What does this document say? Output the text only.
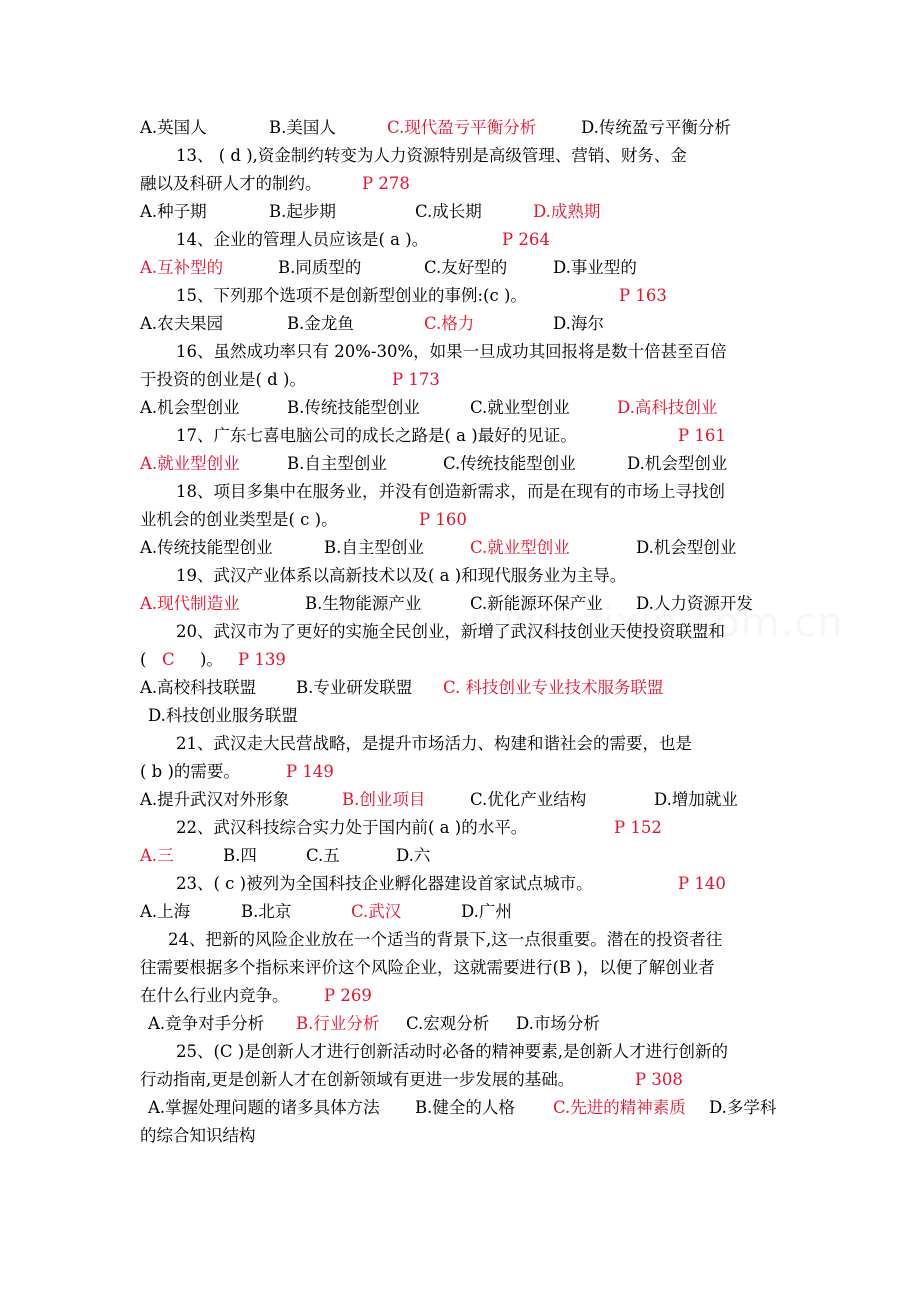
A.英国人	B.美国人	C.现代盈亏平衡分析	D.传统盈亏平衡分析
13、 ( d ),资金制约转变为人力资源特别是高级管理、营销、财务、金
融以及科研人才的制约。 P 278
A.种子期	B.起步期	C.成长期	D.成熟期
14、企业的管理人员应该是( a )。	P 264
A.互补型的	B.同质型的	C.友好型的	D.事业型的
15、下列那个选项不是创新型创业的事例:(c )。	P 163
A.农夫果园	B.金龙鱼	C.格力	D.海尔
16、虽然成功率只有 20%-30%，如果一旦成功其回报将是数十倍甚至百倍
于投资的创业是( d )。	P 173
A.机会型创业	B.传统技能型创业	C.就业型创业	D.高科技创业
17、广东七喜电脑公司的成长之路是( a )最好的见证。	P 161
A.就业型创业	B.自主型创业	C.传统技能型创业	D.机会型创业
18、项目多集中在服务业，并没有创造新需求，而是在现有的市场上寻找创
业机会的创业类型是( c )。	P 160
A.传统技能型创业	B.自主型创业	C.就业型创业	D.机会型创业
19、武汉产业体系以高新技术以及( a )和现代服务业为主导。
A.现代制造业	B.生物能源产业	C.新能源环保产业 D.人力资源开发
20、武汉市为了更好的实施全民创业，新增了武汉科技创业天使投资联盟和
( C )。 P 139
A.高校科技联盟 B.专业研发联盟 C. 科技创业专业技术服务联盟
D.科技创业服务联盟
21、武汉走大民营战略，是提升市场活力、构建和谐社会的需要，也是
( b )的需要。	P 149
A.提升武汉对外形象	B.创业项目	C.优化产业结构	D.增加就业
22、武汉科技综合实力处于国内前( a )的水平。	P 152
A.三	B.四	C.五	D.六
23、( c )被列为全国科技企业孵化器建设首家试点城市。	P 140
A.上海	B.北京	C.武汉	D.广州
24、把新的风险企业放在一个适当的背景下,这一点很重要。潜在的投资者往
往需要根据多个指标来评价这个风险企业，这就需要进行(B )，以便了解创业者
在什么行业内竞争。 P 269
A.竞争对手分析 B.行业分析 C.宏观分析 D.市场分析
25、(C )是创新人才进行创新活动时必备的精神要素,是创新人才进行创新的
行动指南,更是创新人才在创新领域有更进一步发展的基础。	P 308
A.掌握处理问题的诸多具体方法 B.健全的人格 C.先进的精神素质 D.多学科
的综合知识结构
